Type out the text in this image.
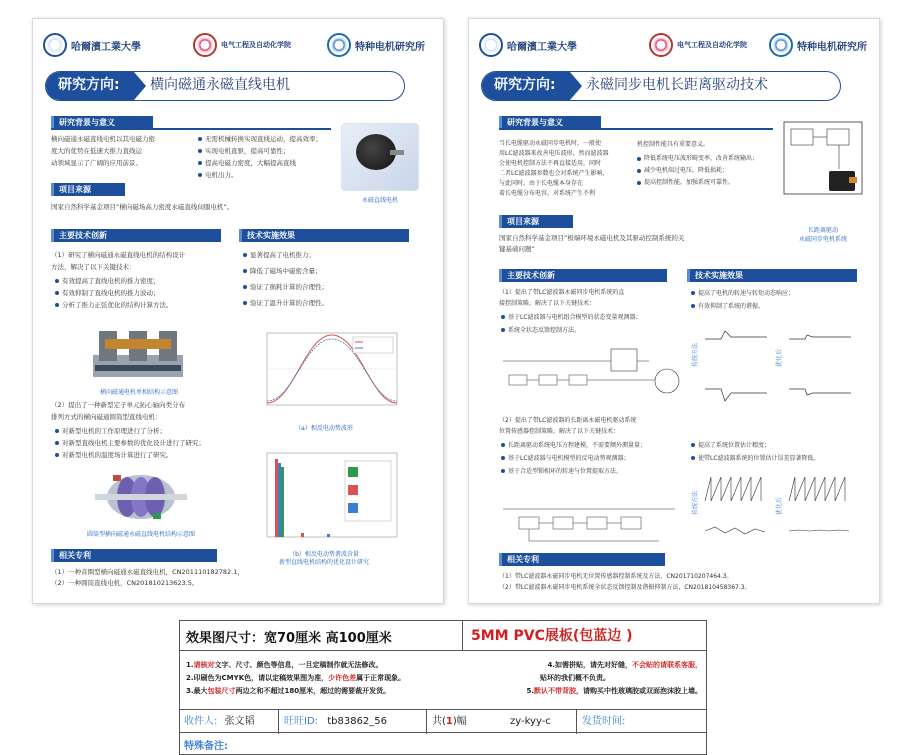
哈爾濱工業大學	电气工程及自动化学院	特种电机研究所
研究方向:	横向磁通永磁直线电机
研究背景与意义

横向磁通永磁直线电机以其电磁力密

度大的优势在低速大推力直线运

动领域显示了广阔的应用前景。

无需机械转换实现直线运动，提高效率；
实现电机直驱，提高可靠性；
提高电磁力密度，大幅提高直线
电机出力。
永磁直线电机
项目来源

国家自然科学基金项目“横向磁场高力密度永磁直线伺服电机”。

主要技术创新	技术实施效果

（1）研究了横向磁通永磁直线电机的结构设计

方法，解决了以下关键技术：

有效提高了直线电机的推力密度；
有效抑制了直线电机的推力波动；
分析了推力正弦优化的结构计算方法。
显著提高了电机推力；
降低了磁场中磁密含量；
验证了损耗计算的合理性；
验证了温升计算的合理性。
横向磁通电机单相结构示意图

（2）提出了一种新型定子单元拓心轴向类分布

排列方式的横向磁通圆筒型直线电机：

对新型电机的工作原理进行了分析；
对新型直线电机主要参数的优化设计进行了研究；
对新型电机的温度场计算进行了研究。
圆筒型横向磁通永磁直线电机结构示意图
（a）相反电动势波形
（b）相反电动势谐波含量
新型直线电机结构的优化设计研究
相关专利

（1）一种音圈型横向磁通永磁直线电机，CN201110182782.1，

（2）一种圆筒直线电机，CN201810213623.5。

哈爾濱工業大學	电气工程及自动化学院	特种电机研究所
研究方向:	永磁同步电机长距离驱动技术
研究背景与意义

当长电缆驱动永磁同步电机时，一般使

用LC滤波器来改善电压波形，然而滤波器

会使电机控制方法不再直接适用，同时

二者LC滤波器参数也会对系统产生影响，

与此同时，由于长电缆本身存在

着长电缆分布电容，对系统产生不利

机控制性能具有重要意义。

降低系统电压波形畸变率，改善系统输出；
减少电机端过电压，降低损耗；
提高控制性能，加强系统可靠性。
长距离驱动
永磁同步电机系统
项目来源

国家自然科学基金项目“极端环境永磁电机及其驱动控制系统的关

键基础问题”

主要技术创新	技术实施效果

（1）提出了带LC滤波器永磁同步电机系统的直

接控制策略，解决了以下关键技术：

基于LC滤波器与电机组合模型的状态变量观测器；
系统全状态反馈控制方法。

（2）提出了带LC滤波器的长距离永磁电机驱动系统

位置传感器控制策略，解决了以下关键技术：

长距离驱动系统电压方程建模，不需要额外测量量；
基于LC滤波器与电机模型的反电动势观测器；
基于合适型锁相环的转速与位置提取方法。
提高了电机的转速与转矩动态响应；
有效抑制了系统的谐振。
传统方法	优化后
提高了系统位置估计精度；
使带LC滤波器系统的位置估计误差显著降低。
传统方法	优化后
相关专利

（1）带LC滤波器永磁同步电机无位置传感器控制系统及方法，CN201710207464.3。

（2）带LC滤波器永磁同步电机系统全状态反馈控制及谐振抑制方法，CN201810458367.3。

效果图尺寸：宽70厘米 高100厘米	5MM PVC展板(包蓝边 )
1.请核对文字、尺寸、颜色等信息，一旦定稿制作就无法修改。	4.如需拼贴，请先对好缝，不会贴的请联系客服，
2.印刷色为CMYK色，请以定稿效果图为准，少许色差属于正常现象。	贴坏的我们概不负责。
3.最大包装尺寸两边之和不超过180厘米，超过的需要裁开发货。	5.默认不带背胶，请购买中性玻璃胶或双面泡沫胶上墙。
收件人: 张文韬	旺旺ID: tb83862_56	共(1)幅	zy-kyy-c	发货时间:
特殊备注:
